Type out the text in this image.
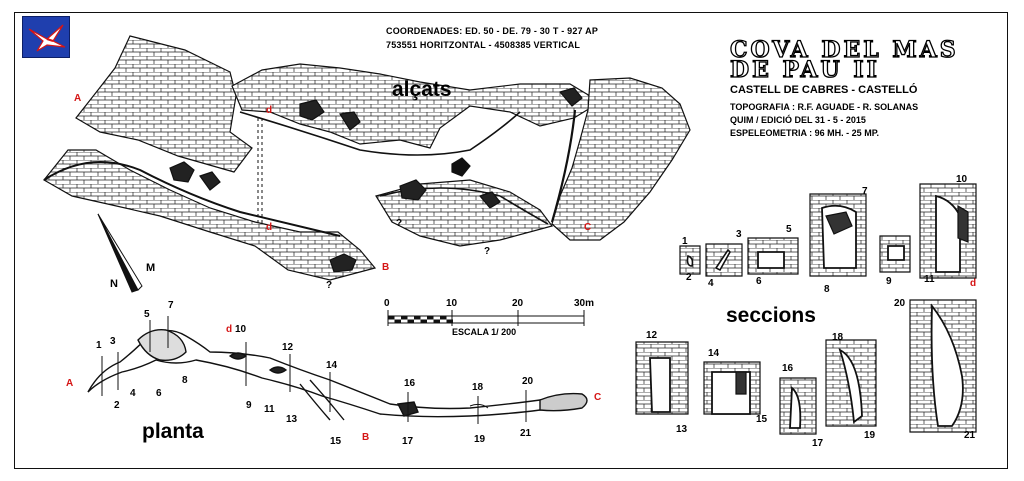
COORDENADES: ED. 50 - DE. 79 - 30 T - 927 AP
753551 HORITZONTAL - 4508385 VERTICAL	COVA DEL MAS
DE PAU II
CASTELL DE CABRES - CASTELLÓ
TOPOGRAFIA : R.F. AGUADE - R. SOLANAS
QUIM / EDICIÓ DEL 31 - 5 - 2015
ESPELEOMETRIA : 96 MH. - 25 MP.
alçats
planta
seccions
N
M
0	10	20	30m
ESCALA 1/ 200
A
B
C
d
d	?
?
?
A
B
C
d
d
1
2
3
4
5
6
7
8
10
9 11
12
13
14
15
16
17
18
19
20
21
1
2
3
4
5
6
7
8
9
10
11
12
13
14
15
16
17
18
19
20
21
